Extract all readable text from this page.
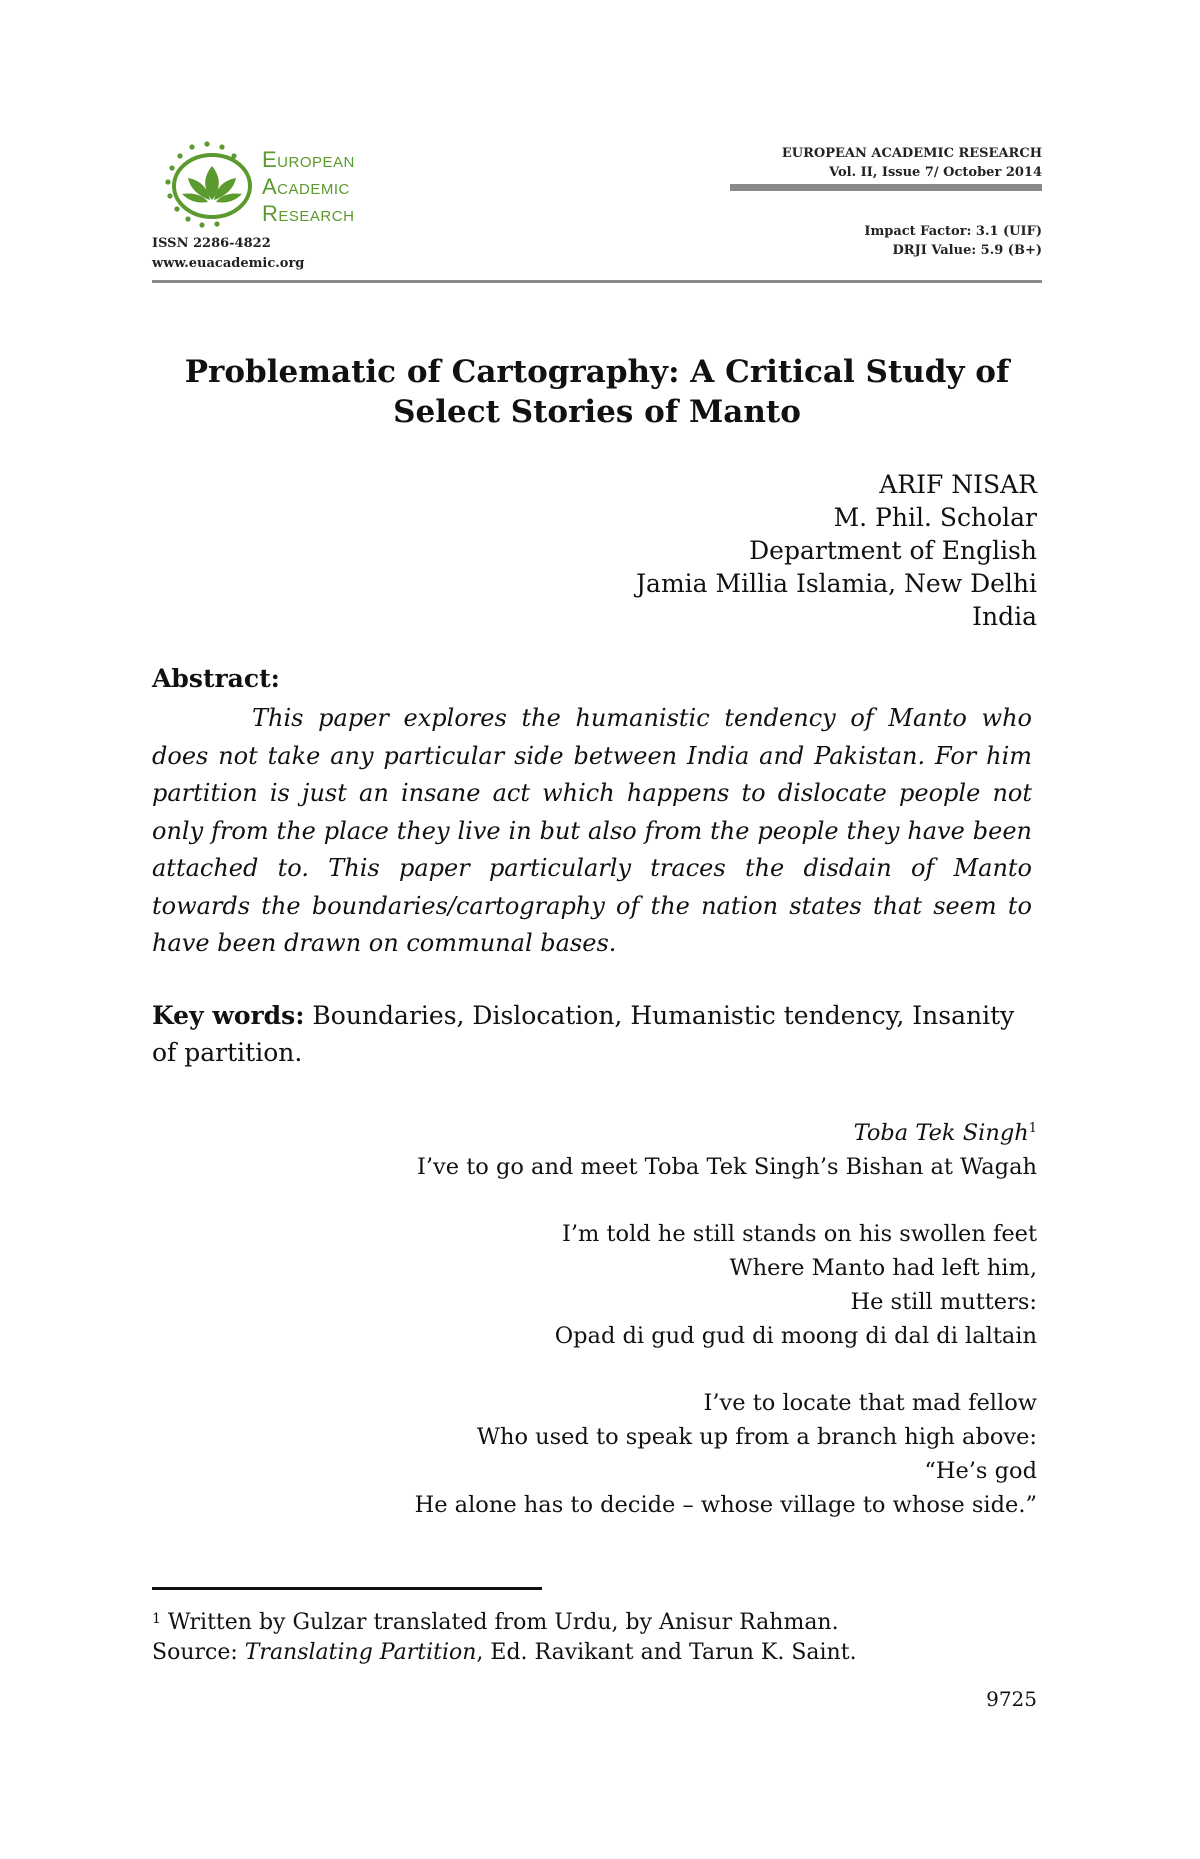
European
Academic
Research
ISSN 2286-4822
www.euacademic.org
EUROPEAN ACADEMIC RESEARCH
Vol. II, Issue 7/ October 2014
Impact Factor: 3.1 (UIF)
DRJI Value: 5.9 (B+)
Problematic of Cartography: A Critical Study of
Select Stories of Manto
ARIF NISAR
M. Phil. Scholar
Department of English
Jamia Millia Islamia, New Delhi
India
Abstract:
This paper explores the humanistic tendency of Manto who does not take any particular side between India and Pakistan. For him partition is just an insane act which happens to dislocate people not only from the place they live in but also from the people they have been attached to. This paper particularly traces the disdain of Manto towards the boundaries/cartography of the nation states that seem to have been drawn on communal bases.
Key words: Boundaries, Dislocation, Humanistic tendency, Insanity of partition.
Toba Tek Singh$^1$
I’ve to go and meet Toba Tek Singh’s Bishan at Wagah
I’m told he still stands on his swollen feet
Where Manto had left him,
He still mutters:
Opad di gud gud di moong di dal di laltain
I’ve to locate that mad fellow
Who used to speak up from a branch high above:
“He’s god
He alone has to decide – whose village to whose side.”
$^1$ Written by Gulzar translated from Urdu, by Anisur Rahman.
Source: Translating Partition, Ed. Ravikant and Tarun K. Saint.
9725
